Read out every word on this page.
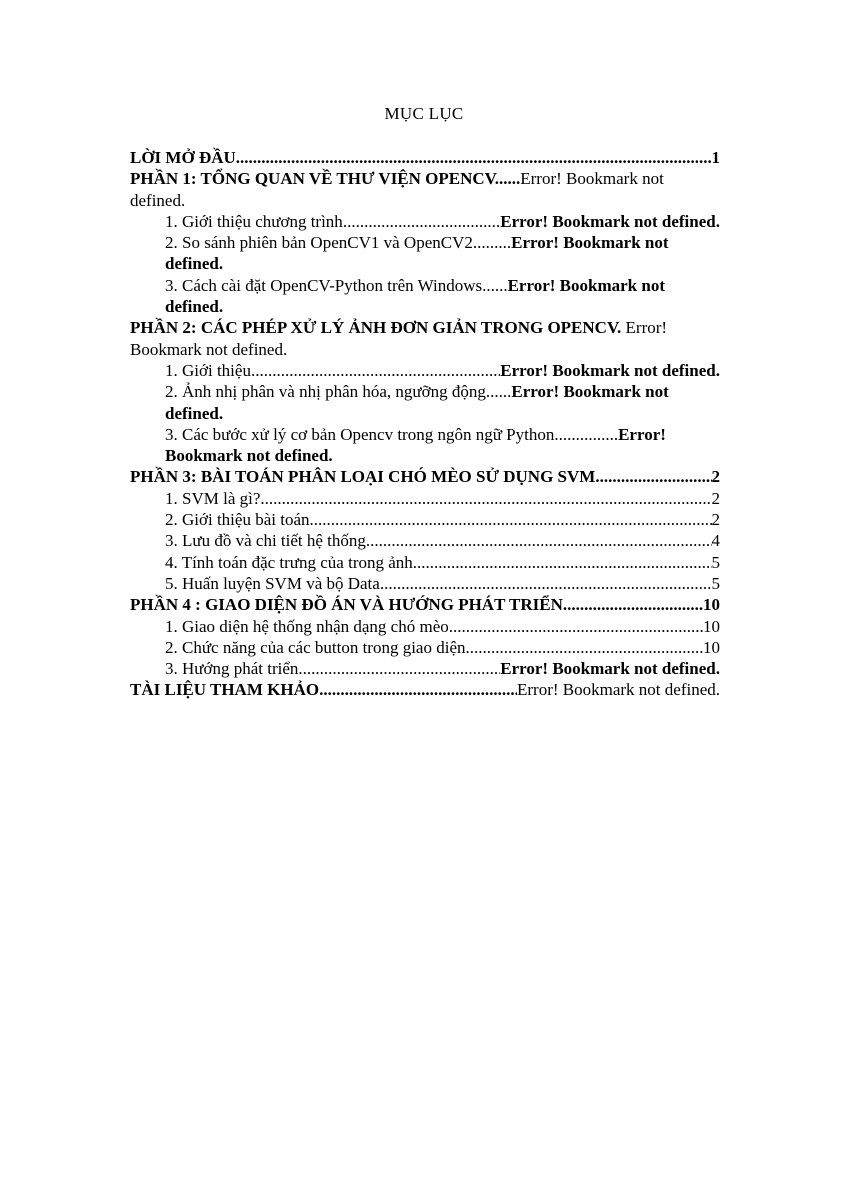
MỤC LỤC
LỜI MỞ ĐẦU .....	1
PHẦN 1: TỔNG QUAN VỀ THƯ VIỆN OPENCV......Error! Bookmark not
defined.
1. Giới thiệu chương trình .....	Error! Bookmark not defined.
2. So sánh phiên bản OpenCV1 và OpenCV2.........Error! Bookmark not
defined.
3. Cách cài đặt OpenCV-Python trên Windows......Error! Bookmark not
defined.
PHẦN 2: CÁC PHÉP XỬ LÝ ẢNH ĐƠN GIẢN TRONG OPENCV. Error!
Bookmark not defined.
1. Giới thiệu .....	Error! Bookmark not defined.
2. Ảnh nhị phân và nhị phân hóa, ngưỡng động......Error! Bookmark not
defined.
3. Các bước xử lý cơ bản Opencv trong ngôn ngữ Python...............Error!
Bookmark not defined.
PHẦN 3: BÀI TOÁN PHÂN LOẠI CHÓ MÈO SỬ DỤNG SVM .....	2
1. SVM là gì? .....	2
2. Giới thiệu bài toán .....	2
3. Lưu đồ và chi tiết hệ thống .....	4
4. Tính toán đặc trưng của trong ảnh .....	5
5. Huấn luyện SVM và bộ Data .....	5
PHẦN 4 : GIAO DIỆN ĐỒ ÁN VÀ HƯỚNG PHÁT TRIỂN .....	10
1. Giao diện hệ thống nhận dạng chó mèo .....	10
2. Chức năng của các button trong giao diện .....	10
3. Hướng phát triển .....	Error! Bookmark not defined.
TÀI LIỆU THAM KHẢO .....	Error! Bookmark not defined.
